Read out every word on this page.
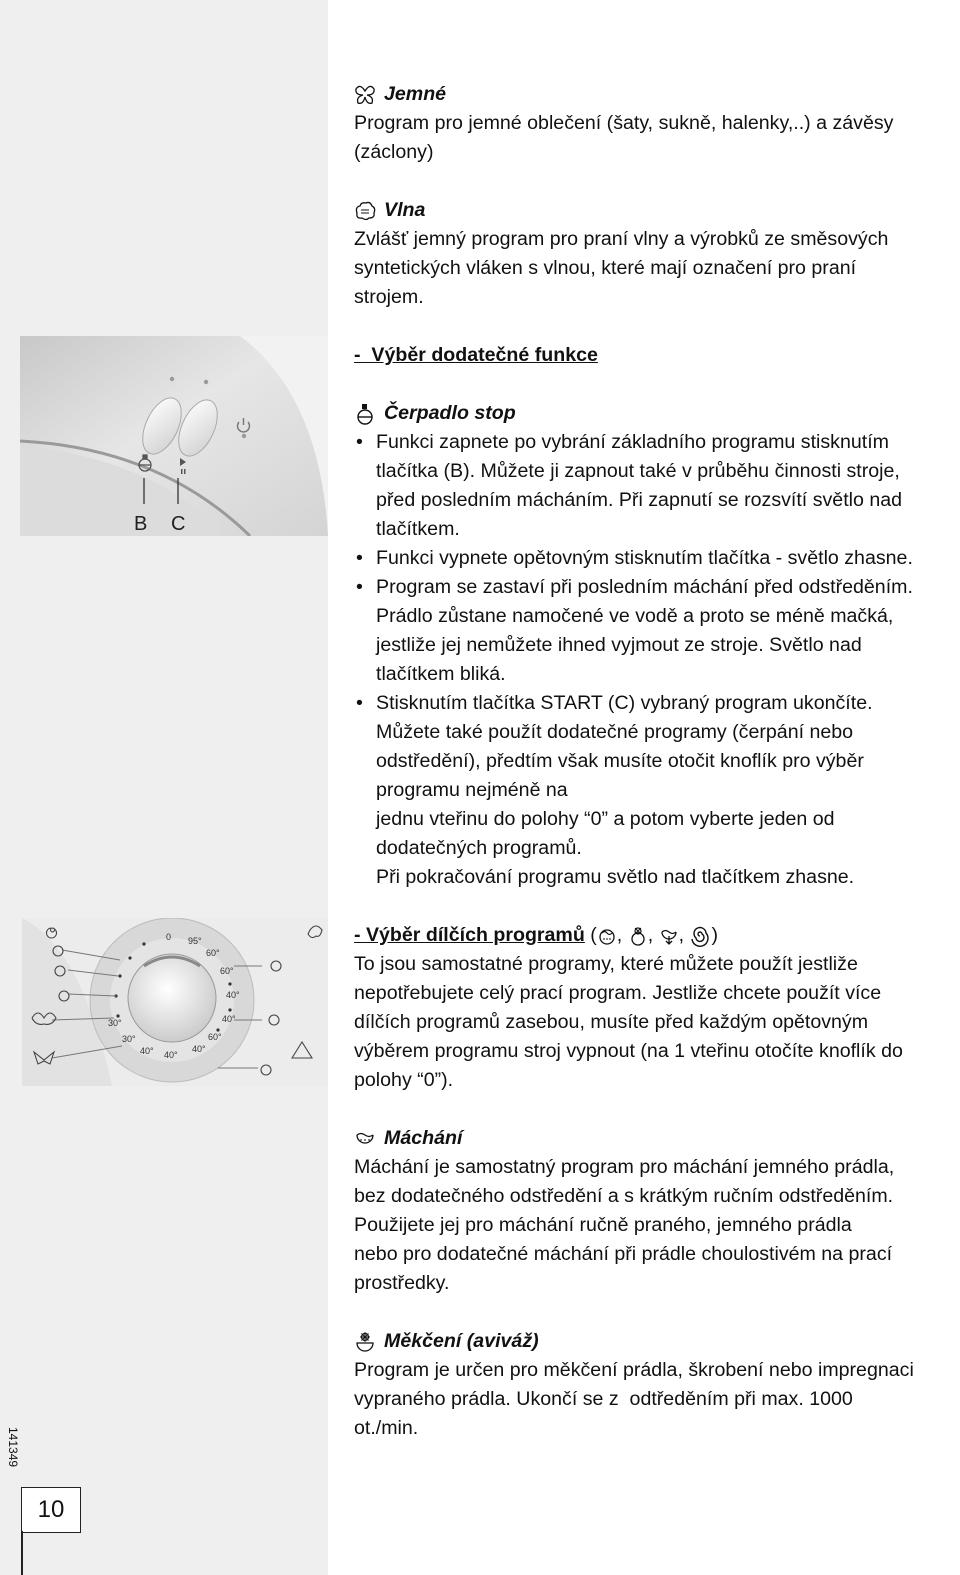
B C
0 95°
60°
60°
40°
40°
60°
40°
40°
40°
30°
30°
141349
10
Jemné

Program pro jemné oblečení (šaty, sukně, halenky,..) a závěsy

(záclony)

Vlna

Zvlášť jemný program pro praní vlny a výrobků ze směsových

syntetických vláken s vlnou, které mají označení pro praní

strojem.

-  Výběr dodatečné funkce

Čerpadlo stop
• Funkci zapnete po vybrání základního programu stisknutím
tlačítka (B). Můžete ji zapnout také v průběhu činnosti stroje,
před posledním mácháním. Při zapnutí se rozsvítí světlo nad
tlačítkem.
• Funkci vypnete opětovným stisknutím tlačítka - světlo zhasne.
• Program se zastaví při posledním máchání před odstředěním.
Prádlo zůstane namočené ve vodě a proto se méně mačká,
jestliže jej nemůžete ihned vyjmout ze stroje. Světlo nad
tlačítkem bliká.
• Stisknutím tlačítka START (C) vybraný program ukončíte.
Můžete také použít dodatečné programy (čerpání nebo
odstředění), předtím však musíte otočit knoflík pro výběr
programu nejméně na
jednu vteřinu do polohy “0” a potom vyberte jeden od
dodatečných programů.
Při pokračování programu světlo nad tlačítkem zhasne.

- Výběr dílčích programů ( , , , )

To jsou samostatné programy, které můžete použít jestliže

nepotřebujete celý prací program. Jestliže chcete použít více

dílčích programů zasebou, musíte před každým opětovným

výběrem programu stroj vypnout (na 1 vteřinu otočíte knoflík do

polohy “0”).

Máchání

Máchání je samostatný program pro máchání jemného prádla,

bez dodatečného odstředění a s krátkým ručním odstředěním.

Použijete jej pro máchání ručně praného, jemného prádla

nebo pro dodatečné máchání při prádle choulostivém na prací

prostředky.

Měkčení (aviváž)

Program je určen pro měkčení prádla, škrobení nebo impregnaci

vypraného prádla. Ukončí se z  odtředěním při max. 1000

ot./min.
